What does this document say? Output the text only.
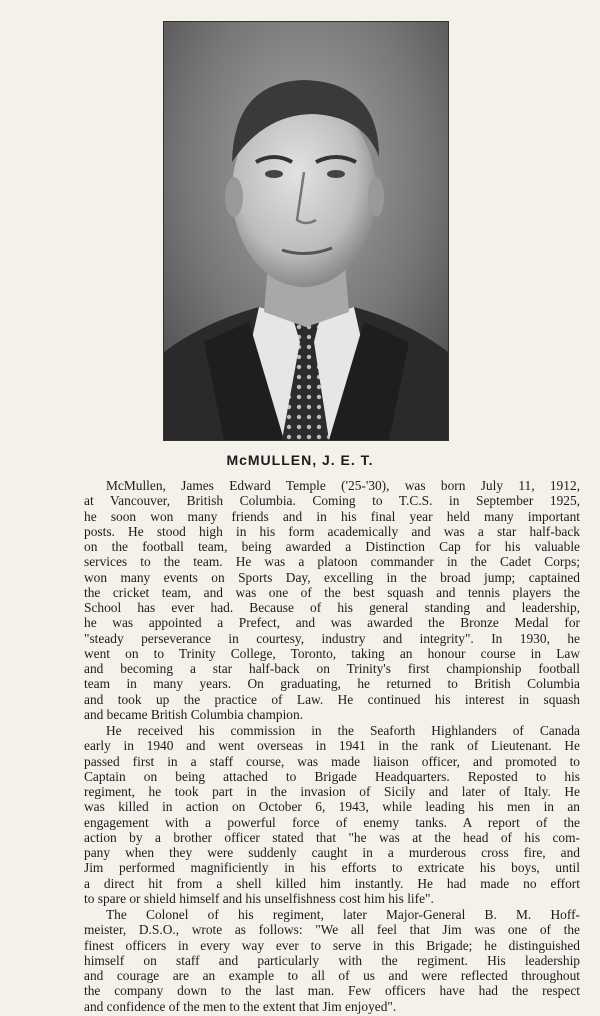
McMULLEN, J. E. T.
McMullen, James Edward Temple ('25-'30), was born July 11, 1912,
at Vancouver, British Columbia. Coming to T.C.S. in September 1925,
he soon won many friends and in his final year held many important
posts. He stood high in his form academically and was a star half-back
on the football team, being awarded a Distinction Cap for his valuable
services to the team. He was a platoon commander in the Cadet Corps;
won many events on Sports Day, excelling in the broad jump; captained
the cricket team, and was one of the best squash and tennis players the
School has ever had. Because of his general standing and leadership,
he was appointed a Prefect, and was awarded the Bronze Medal for
"steady perseverance in courtesy, industry and integrity". In 1930, he
went on to Trinity College, Toronto, taking an honour course in Law
and becoming a star half-back on Trinity's first championship football
team in many years. On graduating, he returned to British Columbia
and took up the practice of Law. He continued his interest in squash
and became British Columbia champion.
He received his commission in the Seaforth Highlanders of Canada
early in 1940 and went overseas in 1941 in the rank of Lieutenant. He
passed first in a staff course, was made liaison officer, and promoted to
Captain on being attached to Brigade Headquarters. Reposted to his
regiment, he took part in the invasion of Sicily and later of Italy. He
was killed in action on October 6, 1943, while leading his men in an
engagement with a powerful force of enemy tanks. A report of the
action by a brother officer stated that "he was at the head of his com-
pany when they were suddenly caught in a murderous cross fire, and
Jim performed magnificiently in his efforts to extricate his boys, until
a direct hit from a shell killed him instantly. He had made no effort
to spare or shield himself and his unselfishness cost him his life".
The Colonel of his regiment, later Major-General B. M. Hoff-
meister, D.S.O., wrote as follows: "We all feel that Jim was one of the
finest officers in every way ever to serve in this Brigade; he distinguished
himself on staff and particularly with the regiment. His leadership
and courage are an example to all of us and were reflected throughout
the company down to the last man. Few officers have had the respect
and confidence of the men to the extent that Jim enjoyed".
